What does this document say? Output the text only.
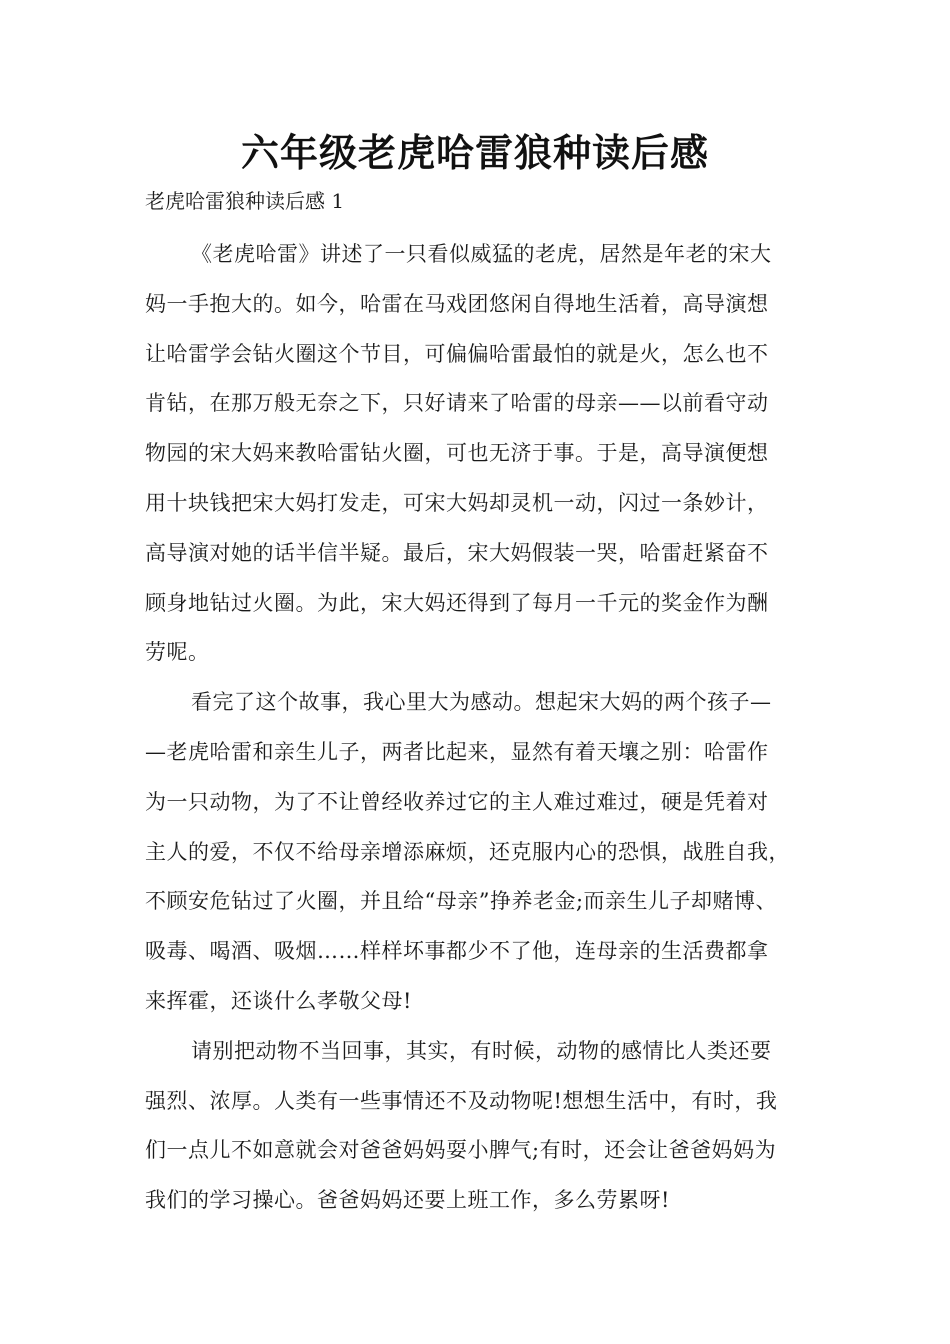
六年级老虎哈雷狼种读后感

老虎哈雷狼种读后感 1

《老虎哈雷》讲述了一只看似威猛的老虎，居然是年老的宋大
妈一手抱大的。如今，哈雷在马戏团悠闲自得地生活着，高导演想
让哈雷学会钻火圈这个节目，可偏偏哈雷最怕的就是火，怎么也不
肯钻，在那万般无奈之下，只好请来了哈雷的母亲——以前看守动
物园的宋大妈来教哈雷钻火圈，可也无济于事。于是，高导演便想
用十块钱把宋大妈打发走，可宋大妈却灵机一动，闪过一条妙计，
高导演对她的话半信半疑。最后，宋大妈假装一哭，哈雷赶紧奋不
顾身地钻过火圈。为此，宋大妈还得到了每月一千元的奖金作为酬
劳呢。

看完了这个故事，我心里大为感动。想起宋大妈的两个孩子—
—老虎哈雷和亲生儿子，两者比起来，显然有着天壤之别：哈雷作
为一只动物，为了不让曾经收养过它的主人难过难过，硬是凭着对
主人的爱，不仅不给母亲增添麻烦，还克服内心的恐惧，战胜自我，
不顾安危钻过了火圈，并且给“母亲”挣养老金;而亲生儿子却赌博、
吸毒、喝酒、吸烟……样样坏事都少不了他，连母亲的生活费都拿
来挥霍，还谈什么孝敬父母!

请别把动物不当回事，其实，有时候，动物的感情比人类还要
强烈、浓厚。人类有一些事情还不及动物呢!想想生活中，有时，我
们一点儿不如意就会对爸爸妈妈耍小脾气;有时，还会让爸爸妈妈为
我们的学习操心。爸爸妈妈还要上班工作，多么劳累呀!
